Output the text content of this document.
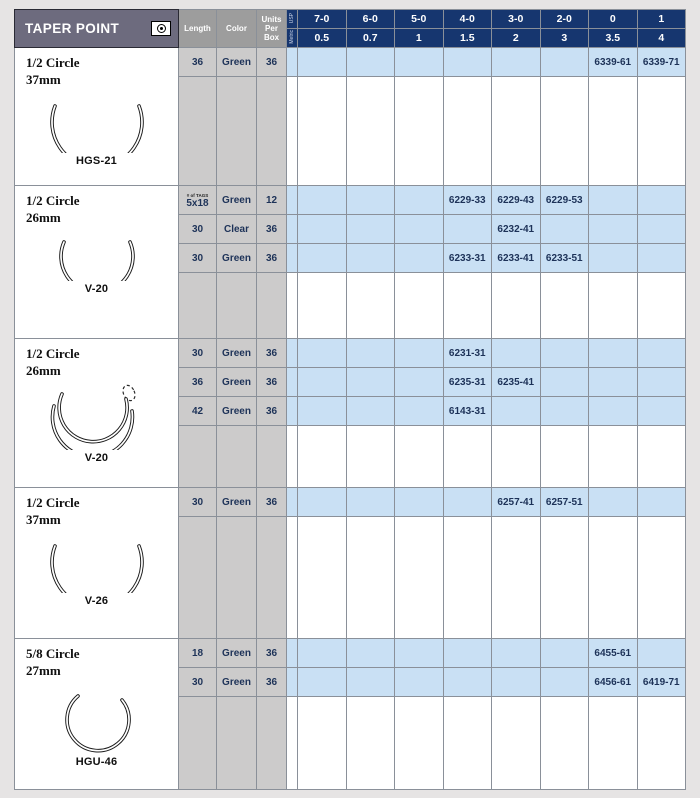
TAPER POINT	Length	Color	Units Per Box	USP	7-0	6-0	5-0	4-0	3-0	2-0	0	1
				Metric	0.5	0.7	1	1.5	2	3	3.5	4

1/2 Circle
37mm
HGS-21	36	Green	36								6339-61	6339-71

1/2 Circle
26mm
V-20

# of TAGS
5x18	Green	12					6229-33	6229-43	6229-53		
	30	Clear	36						6232-41			
	30	Green	36					6233-31	6233-41	6233-51		

1/2 Circle
26mm
V-20	30	Green	36					6231-31				
	36	Green	36					6235-31	6235-41			
	42	Green	36					6143-31				

1/2 Circle
37mm
V-26	30	Green	36						6257-41	6257-51		

5/8 Circle
27mm
HGU-46	18	Green	36								6455-61	
	30	Green	36								6456-61	6419-71
